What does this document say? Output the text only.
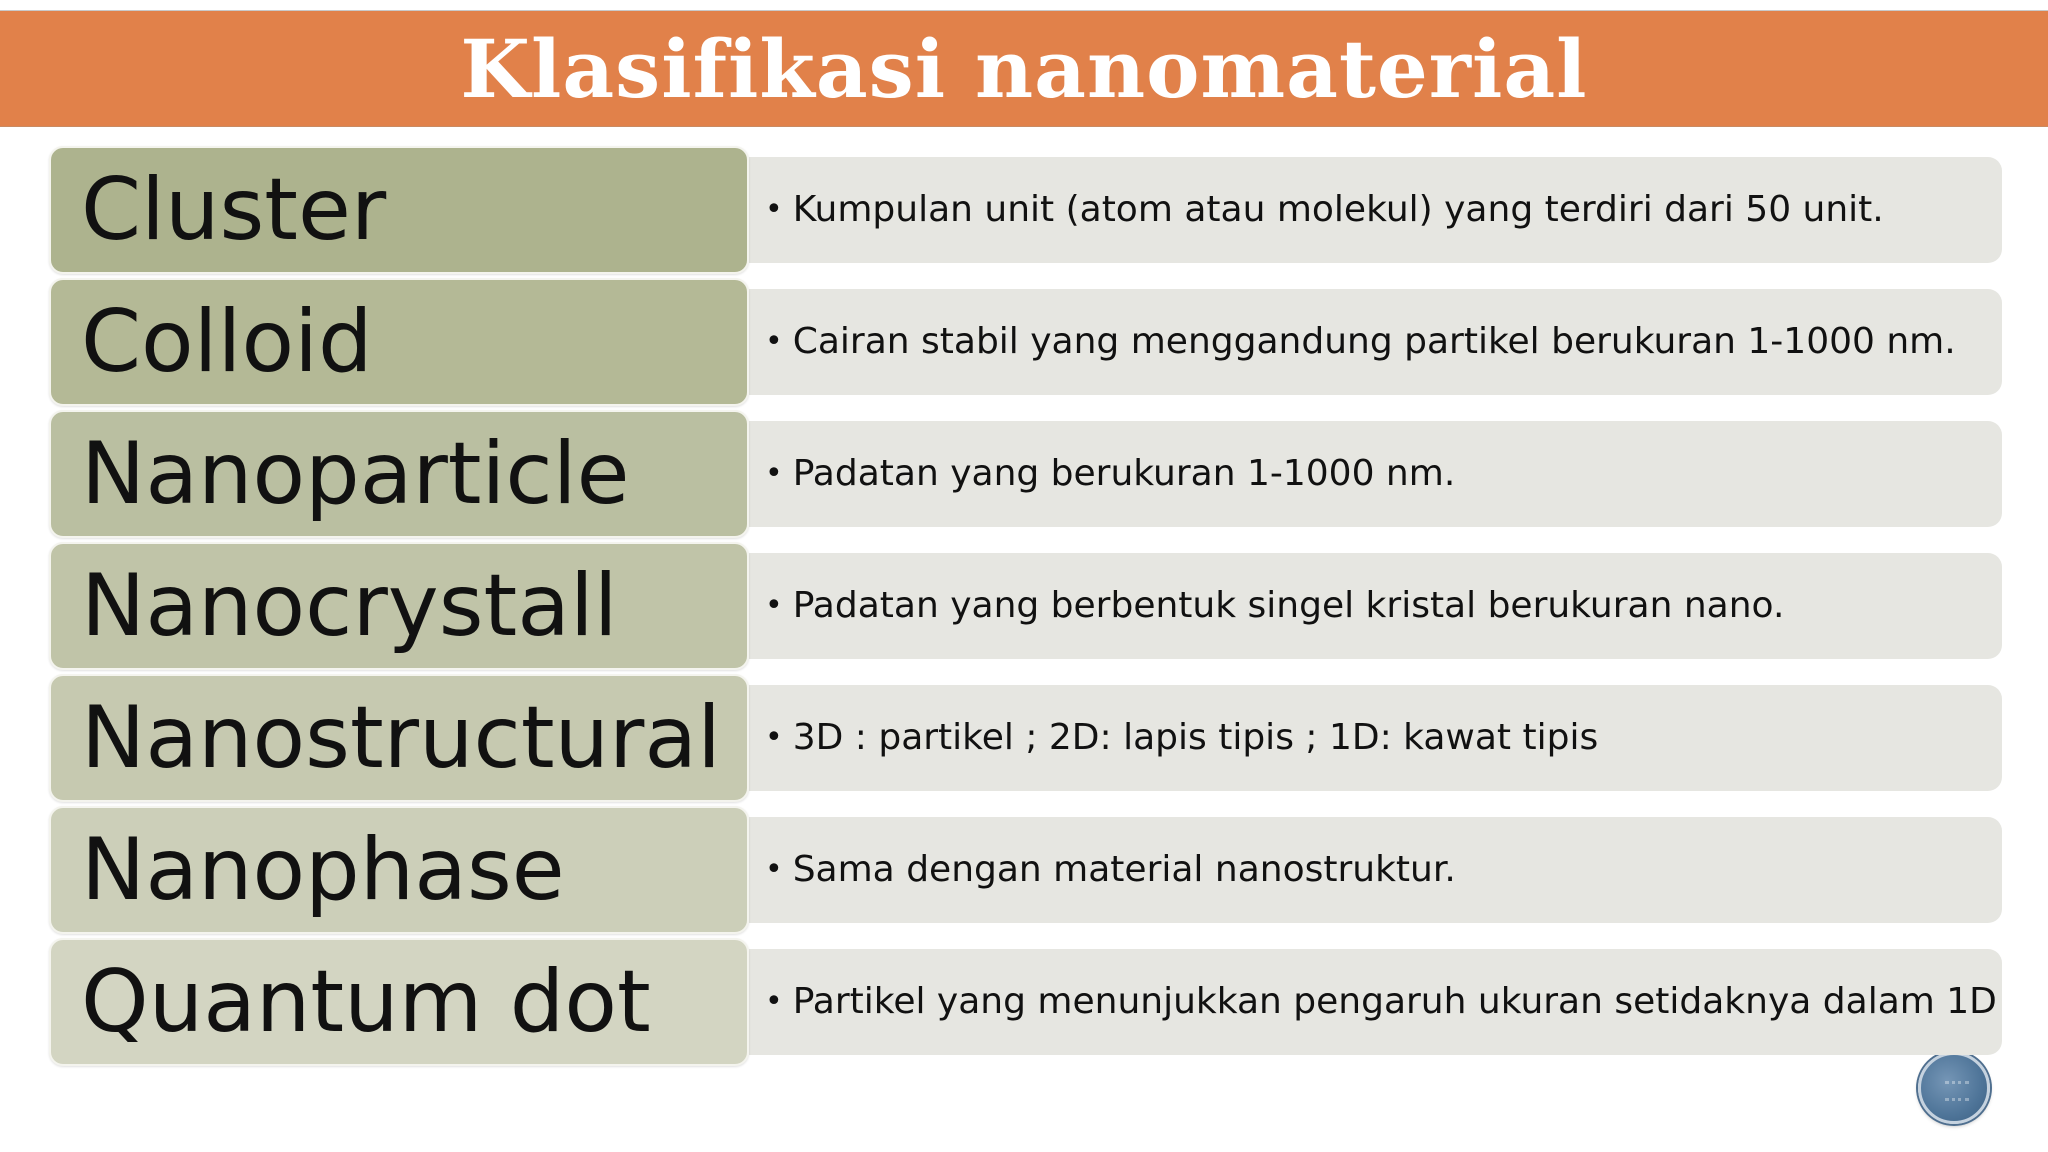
Klasifikasi nanomaterial
Cluster	• Kumpulan unit (atom atau molekul) yang terdiri dari 50 unit.
Colloid	• Cairan stabil yang menggandung partikel berukuran 1-1000 nm.
Nanoparticle	• Padatan yang berukuran 1-1000 nm.
Nanocrystall	• Padatan yang berbentuk singel kristal berukuran nano.
Nanostructural • 3D : partikel ; 2D: lapis tipis ; 1D: kawat tipis
Nanophase	• Sama dengan material nanostruktur.
Quantum dot	• Partikel yang menunjukkan pengaruh ukuran setidaknya dalam 1D
